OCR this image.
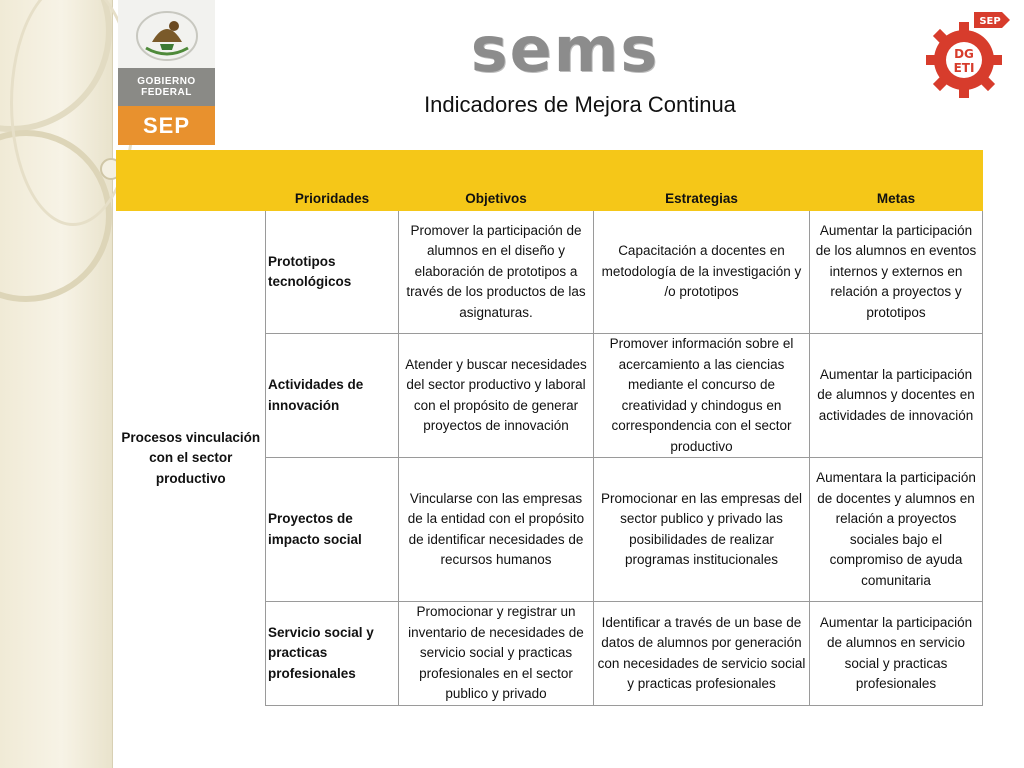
GOBIERNO
FEDERAL
SEP
sems	DG
ETI
SEP
Indicadores de Mejora Continua
	Prioridades	Objetivos	Estrategias	Metas
Procesos vinculación con el sector productivo	Prototipos tecnológicos	Promover la participación de alumnos en el diseño y elaboración de prototipos a través de los productos de las asignaturas.	Capacitación a docentes en metodología de la investigación y /o prototipos	Aumentar la participación de los alumnos en eventos internos y externos en relación a proyectos y prototipos
	Actividades de innovación	Atender y buscar necesidades del sector productivo y laboral con el propósito de generar proyectos de innovación	Promover información sobre el acercamiento a las ciencias mediante el concurso de creatividad y chindogus en correspondencia con el sector productivo	Aumentar la participación de alumnos y docentes en actividades de innovación
	Proyectos de impacto social	Vincularse con las empresas de la entidad con el propósito de identificar necesidades de recursos humanos	Promocionar en las empresas del sector publico y privado las posibilidades de realizar programas institucionales	Aumentara la participación de docentes y alumnos en relación a proyectos sociales bajo el compromiso de ayuda comunitaria
	Servicio social y practicas profesionales	Promocionar y registrar un inventario de necesidades de servicio social y practicas profesionales en el sector publico y privado	Identificar a través de un base de datos de alumnos por generación con necesidades de servicio social y practicas profesionales	Aumentar la participación de alumnos en servicio social y practicas profesionales
